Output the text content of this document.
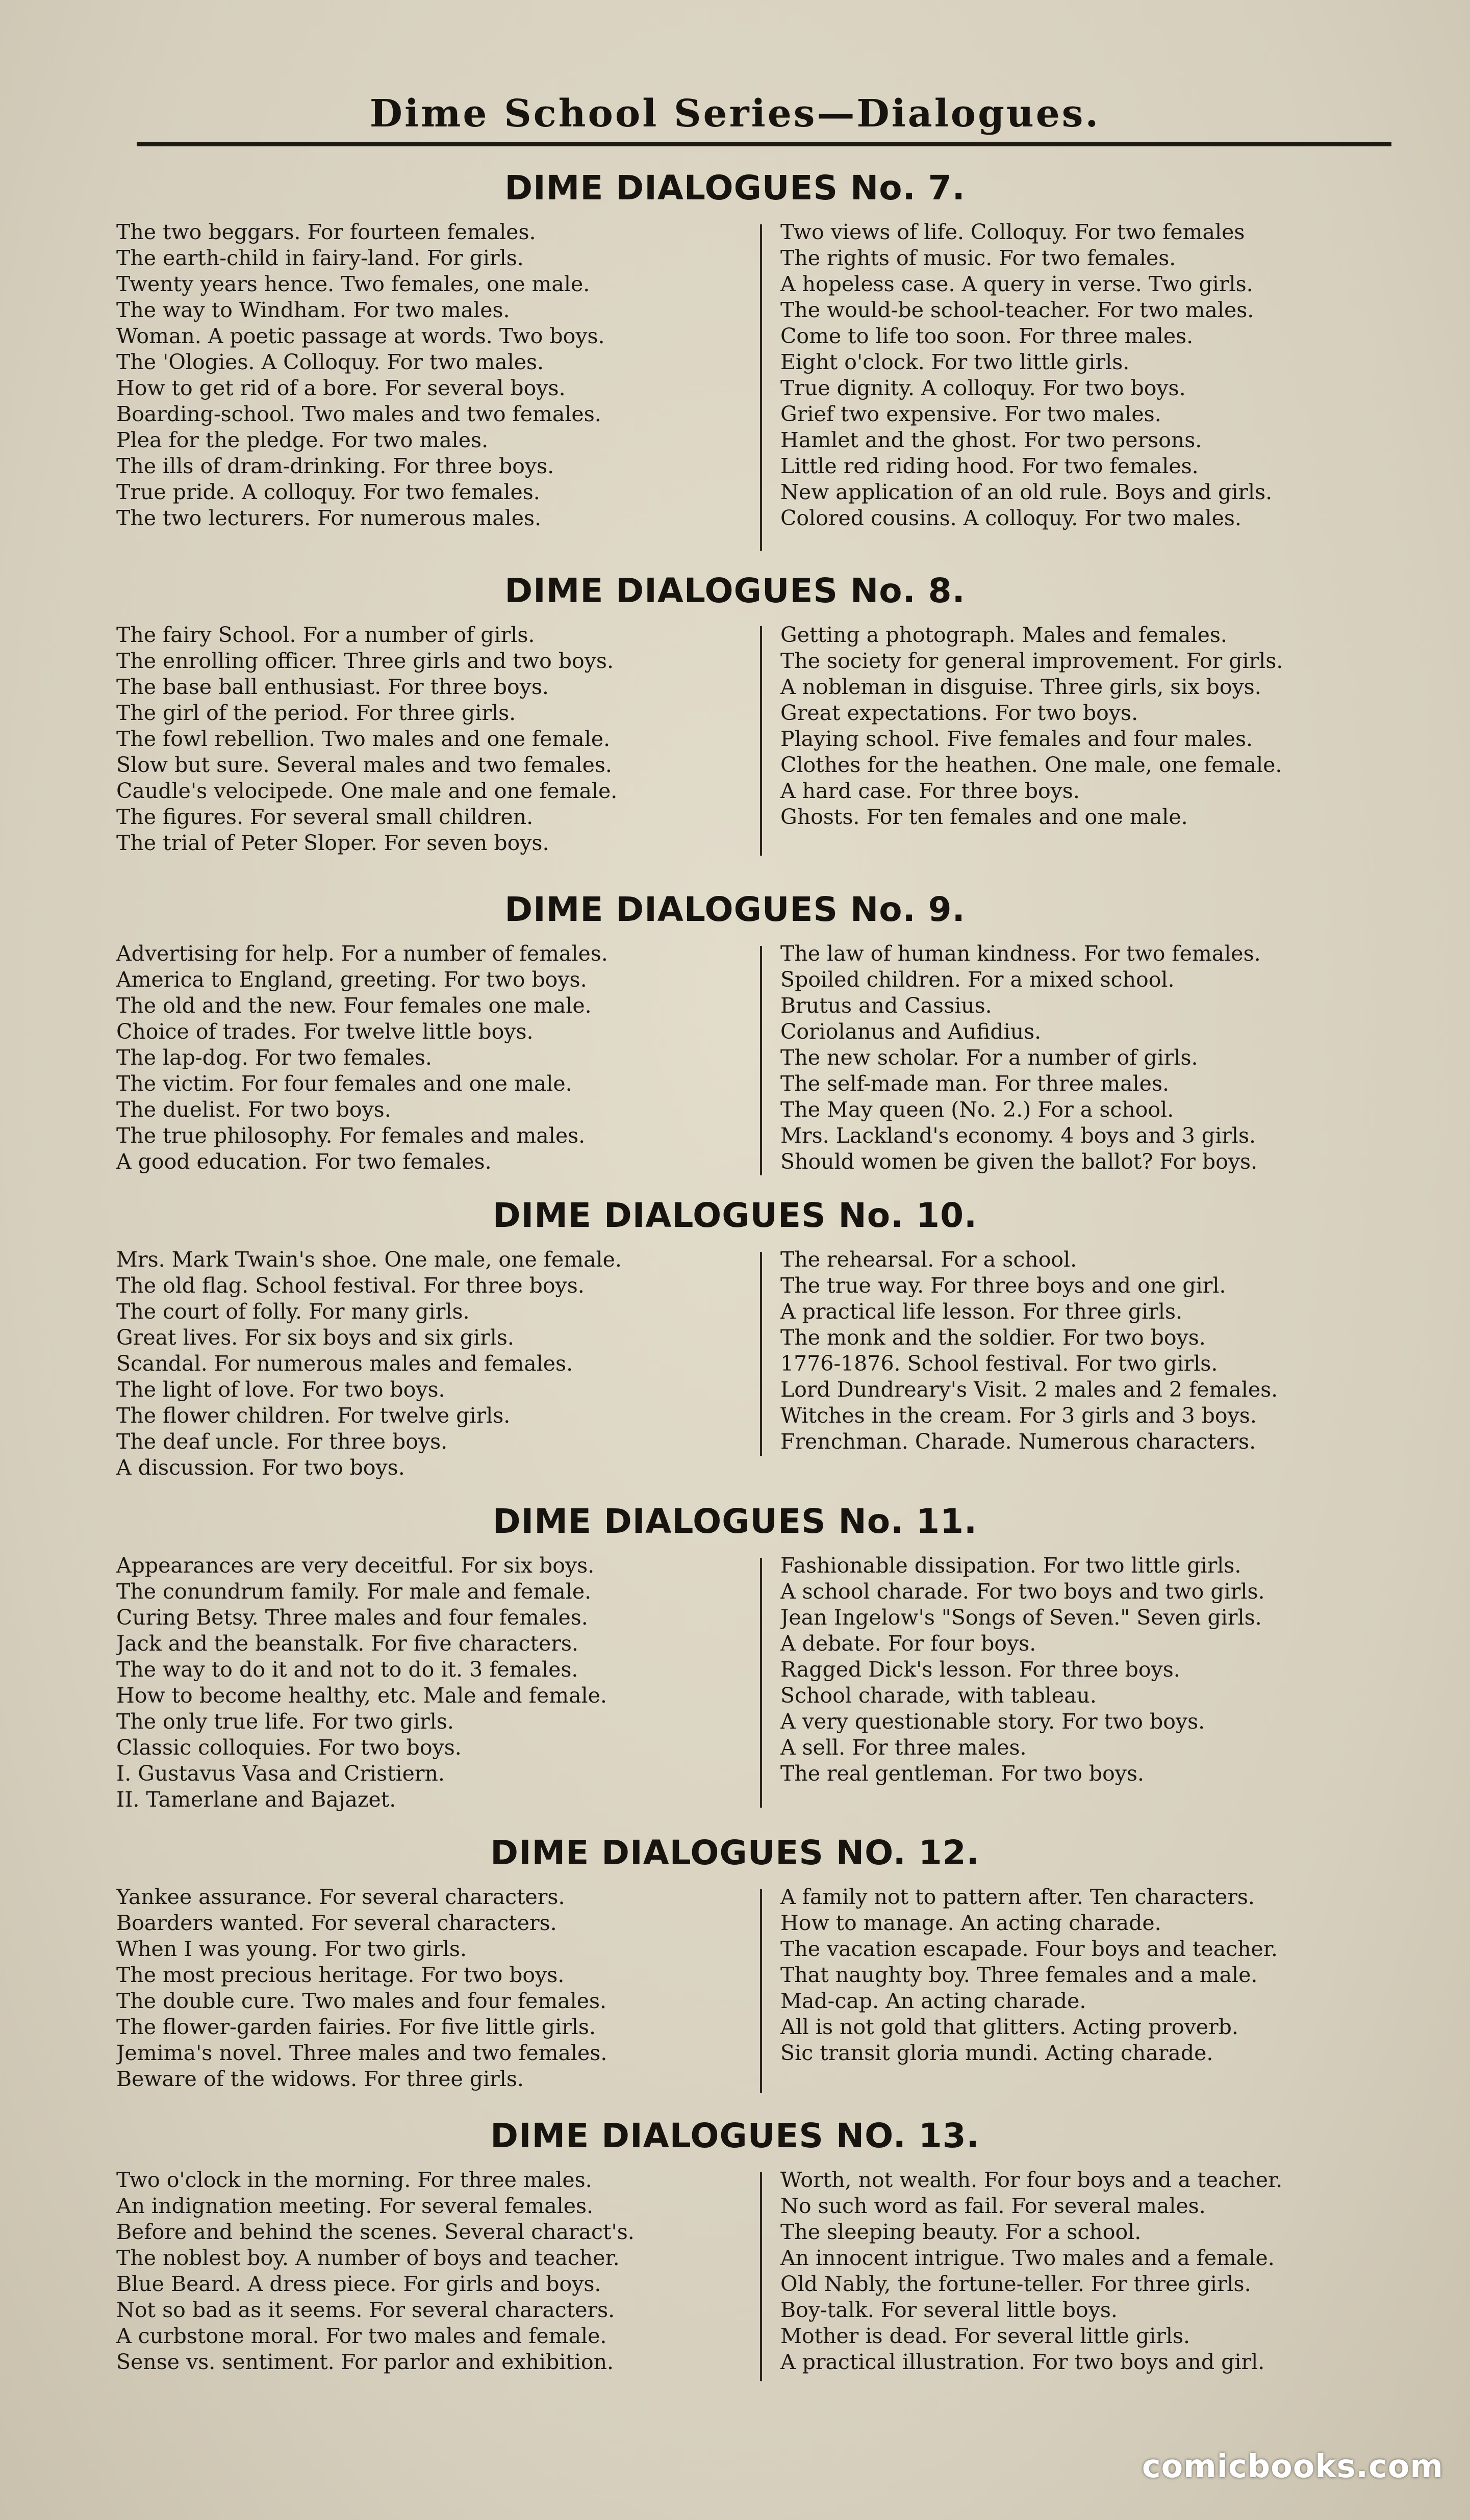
Dime School Series—Dialogues.
DIME DIALOGUES No. 7.
The two beggars. For fourteen females.
The earth-child in fairy-land. For girls.
Twenty years hence. Two females, one male.
The way to Windham. For two males.
Woman. A poetic passage at words. Two boys.
The 'Ologies. A Colloquy. For two males.
How to get rid of a bore. For several boys.
Boarding-school. Two males and two females.
Plea for the pledge. For two males.
The ills of dram-drinking. For three boys.
True pride. A colloquy. For two females.
The two lecturers. For numerous males.
Two views of life. Colloquy. For two females
The rights of music. For two females.
A hopeless case. A query in verse. Two girls.
The would-be school-teacher. For two males.
Come to life too soon. For three males.
Eight o'clock. For two little girls.
True dignity. A colloquy. For two boys.
Grief two expensive. For two males.
Hamlet and the ghost. For two persons.
Little red riding hood. For two females.
New application of an old rule. Boys and girls.
Colored cousins. A colloquy. For two males.
DIME DIALOGUES No. 8.
The fairy School. For a number of girls.
The enrolling officer. Three girls and two boys.
The base ball enthusiast. For three boys.
The girl of the period. For three girls.
The fowl rebellion. Two males and one female.
Slow but sure. Several males and two females.
Caudle's velocipede. One male and one female.
The figures. For several small children.
The trial of Peter Sloper. For seven boys.
Getting a photograph. Males and females.
The society for general improvement. For girls.
A nobleman in disguise. Three girls, six boys.
Great expectations. For two boys.
Playing school. Five females and four males.
Clothes for the heathen. One male, one female.
A hard case. For three boys.
Ghosts. For ten females and one male.
DIME DIALOGUES No. 9.
Advertising for help. For a number of females.
America to England, greeting. For two boys.
The old and the new. Four females one male.
Choice of trades. For twelve little boys.
The lap-dog. For two females.
The victim. For four females and one male.
The duelist. For two boys.
The true philosophy. For females and males.
A good education. For two females.
The law of human kindness. For two females.
Spoiled children. For a mixed school.
Brutus and Cassius.
Coriolanus and Aufidius.
The new scholar. For a number of girls.
The self-made man. For three males.
The May queen (No. 2.) For a school.
Mrs. Lackland's economy. 4 boys and 3 girls.
Should women be given the ballot? For boys.
DIME DIALOGUES No. 10.
Mrs. Mark Twain's shoe. One male, one female.
The old flag. School festival. For three boys.
The court of folly. For many girls.
Great lives. For six boys and six girls.
Scandal. For numerous males and females.
The light of love. For two boys.
The flower children. For twelve girls.
The deaf uncle. For three boys.
A discussion. For two boys.
The rehearsal. For a school.
The true way. For three boys and one girl.
A practical life lesson. For three girls.
The monk and the soldier. For two boys.
1776-1876. School festival. For two girls.
Lord Dundreary's Visit. 2 males and 2 females.
Witches in the cream. For 3 girls and 3 boys.
Frenchman. Charade. Numerous characters.
DIME DIALOGUES No. 11.
Appearances are very deceitful. For six boys.
The conundrum family. For male and female.
Curing Betsy. Three males and four females.
Jack and the beanstalk. For five characters.
The way to do it and not to do it. 3 females.
How to become healthy, etc. Male and female.
The only true life. For two girls.
Classic colloquies. For two boys.
I. Gustavus Vasa and Cristiern.
II. Tamerlane and Bajazet.
Fashionable dissipation. For two little girls.
A school charade. For two boys and two girls.
Jean Ingelow's "Songs of Seven." Seven girls.
A debate. For four boys.
Ragged Dick's lesson. For three boys.
School charade, with tableau.
A very questionable story. For two boys.
A sell. For three males.
The real gentleman. For two boys.
DIME DIALOGUES NO. 12.
Yankee assurance. For several characters.
Boarders wanted. For several characters.
When I was young. For two girls.
The most precious heritage. For two boys.
The double cure. Two males and four females.
The flower-garden fairies. For five little girls.
Jemima's novel. Three males and two females.
Beware of the widows. For three girls.
A family not to pattern after. Ten characters.
How to manage. An acting charade.
The vacation escapade. Four boys and teacher.
That naughty boy. Three females and a male.
Mad-cap. An acting charade.
All is not gold that glitters. Acting proverb.
Sic transit gloria mundi. Acting charade.
DIME DIALOGUES NO. 13.
Two o'clock in the morning. For three males.
An indignation meeting. For several females.
Before and behind the scenes. Several charact's.
The noblest boy. A number of boys and teacher.
Blue Beard. A dress piece. For girls and boys.
Not so bad as it seems. For several characters.
A curbstone moral. For two males and female.
Sense vs. sentiment. For parlor and exhibition.
Worth, not wealth. For four boys and a teacher.
No such word as fail. For several males.
The sleeping beauty. For a school.
An innocent intrigue. Two males and a female.
Old Nably, the fortune-teller. For three girls.
Boy-talk. For several little boys.
Mother is dead. For several little girls.
A practical illustration. For two boys and girl.
comicbooks.com
